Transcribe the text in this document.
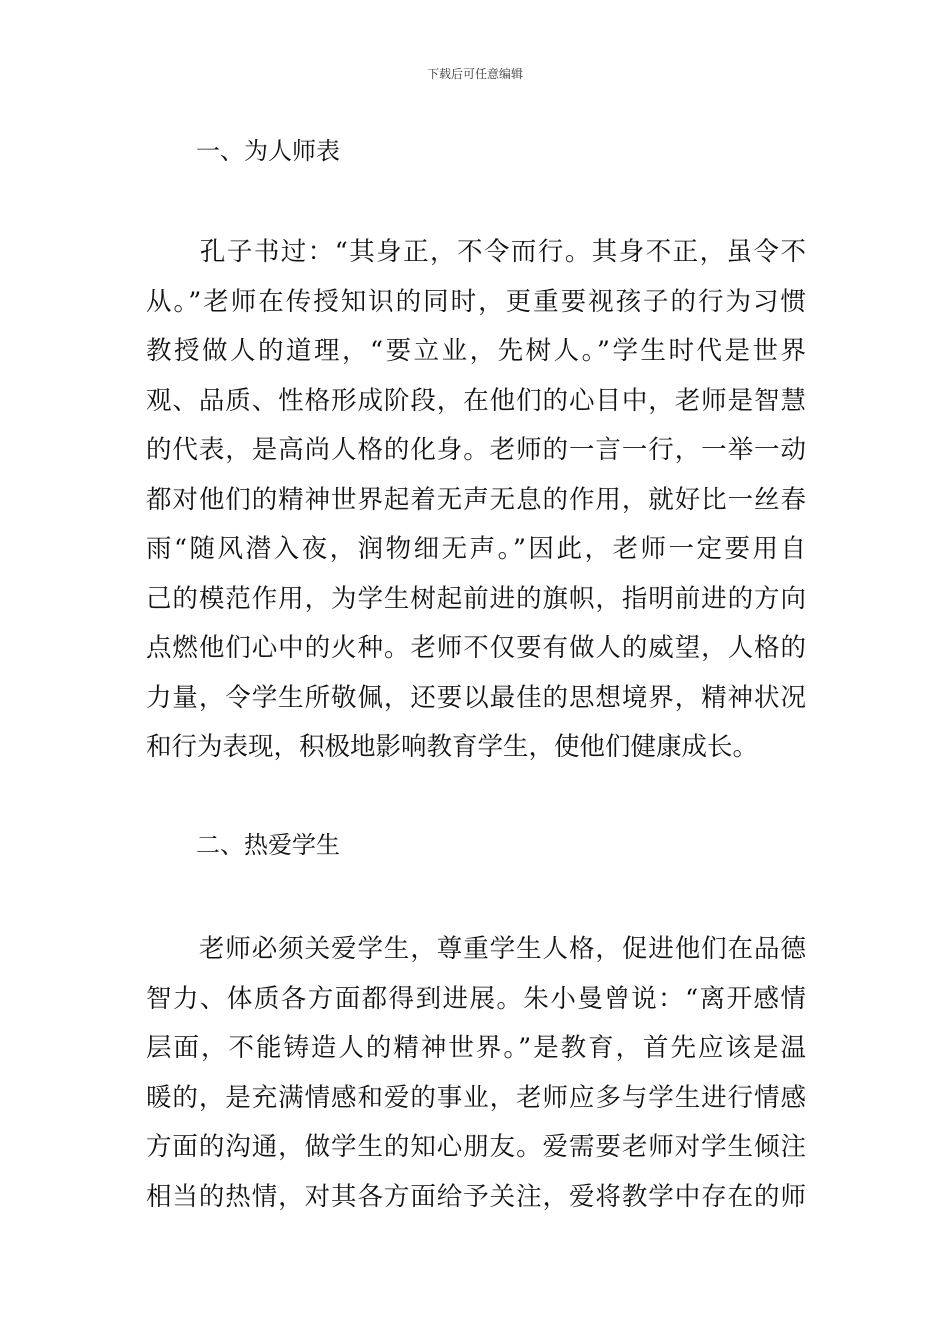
下载后可任意编辑
一、为人师表
　　孔子书过：“其身正，不令而行。其身不正，虽令不
从。”老师在传授知识的同时，更重要视孩子的行为习惯
教授做人的道理，“要立业，先树人。”学生时代是世界
观、品质、性格形成阶段，在他们的心目中，老师是智慧
的代表，是高尚人格的化身。老师的一言一行，一举一动
都对他们的精神世界起着无声无息的作用，就好比一丝春
雨“随风潜入夜，润物细无声。”因此，老师一定要用自
己的模范作用，为学生树起前进的旗帜，指明前进的方向
点燃他们心中的火种。老师不仅要有做人的威望，人格的
力量，令学生所敬佩，还要以最佳的思想境界，精神状况
和行为表现，积极地影响教育学生，使他们健康成长。
二、热爱学生
　　老师必须关爱学生，尊重学生人格，促进他们在品德
智力、体质各方面都得到进展。朱小曼曾说：“离开感情
层面，不能铸造人的精神世界。”是教育，首先应该是温
暖的，是充满情感和爱的事业，老师应多与学生进行情感
方面的沟通，做学生的知心朋友。爱需要老师对学生倾注
相当的热情，对其各方面给予关注，爱将教学中存在的师
